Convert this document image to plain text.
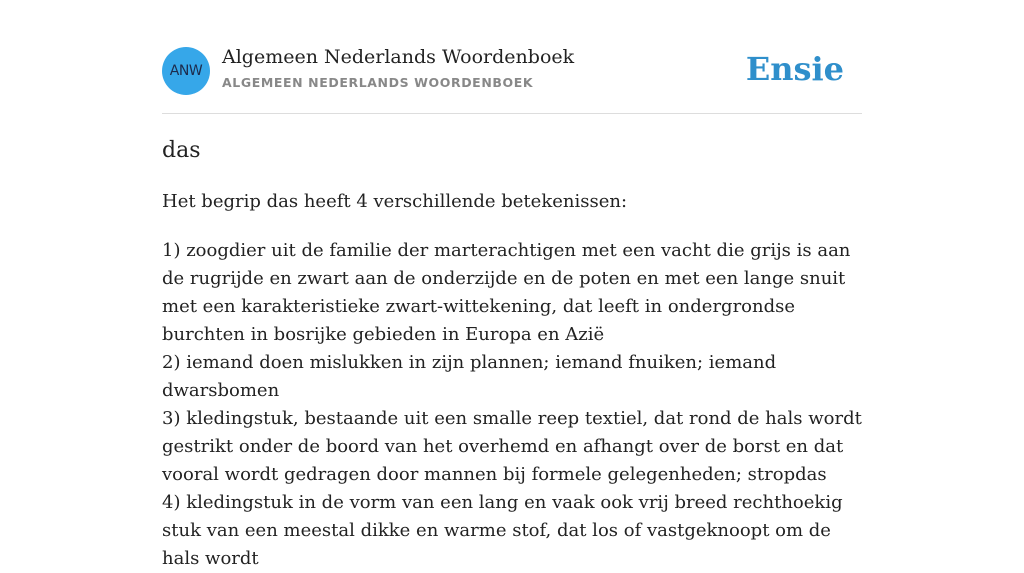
ANW
Algemeen Nederlands Woordenboek
ALGEMEEN NEDERLANDS WOORDENBOEK	Ensie
das

Het begrip das heeft 4 verschillende betekenissen:

1) zoogdier uit de familie der marterachtigen met een vacht die grijs is aan de rugrijde en zwart aan de onderzijde en de poten en met een lange snuit met een karakteristieke zwart-wittekening, dat leeft in ondergrondse burchten in bosrijke gebieden in Europa en Azië
2) iemand doen mislukken in zijn plannen; iemand fnuiken; iemand dwarsbomen
3) kledingstuk, bestaande uit een smalle reep textiel, dat rond de hals wordt gestrikt onder de boord van het overhemd en afhangt over de borst en dat vooral wordt gedragen door mannen bij formele gelegenheden; stropdas
4) kledingstuk in de vorm van een lang en vaak ook vrij breed rechthoekig stuk van een meestal dikke en warme stof, dat los of vastgeknoopt om de hals wordt
